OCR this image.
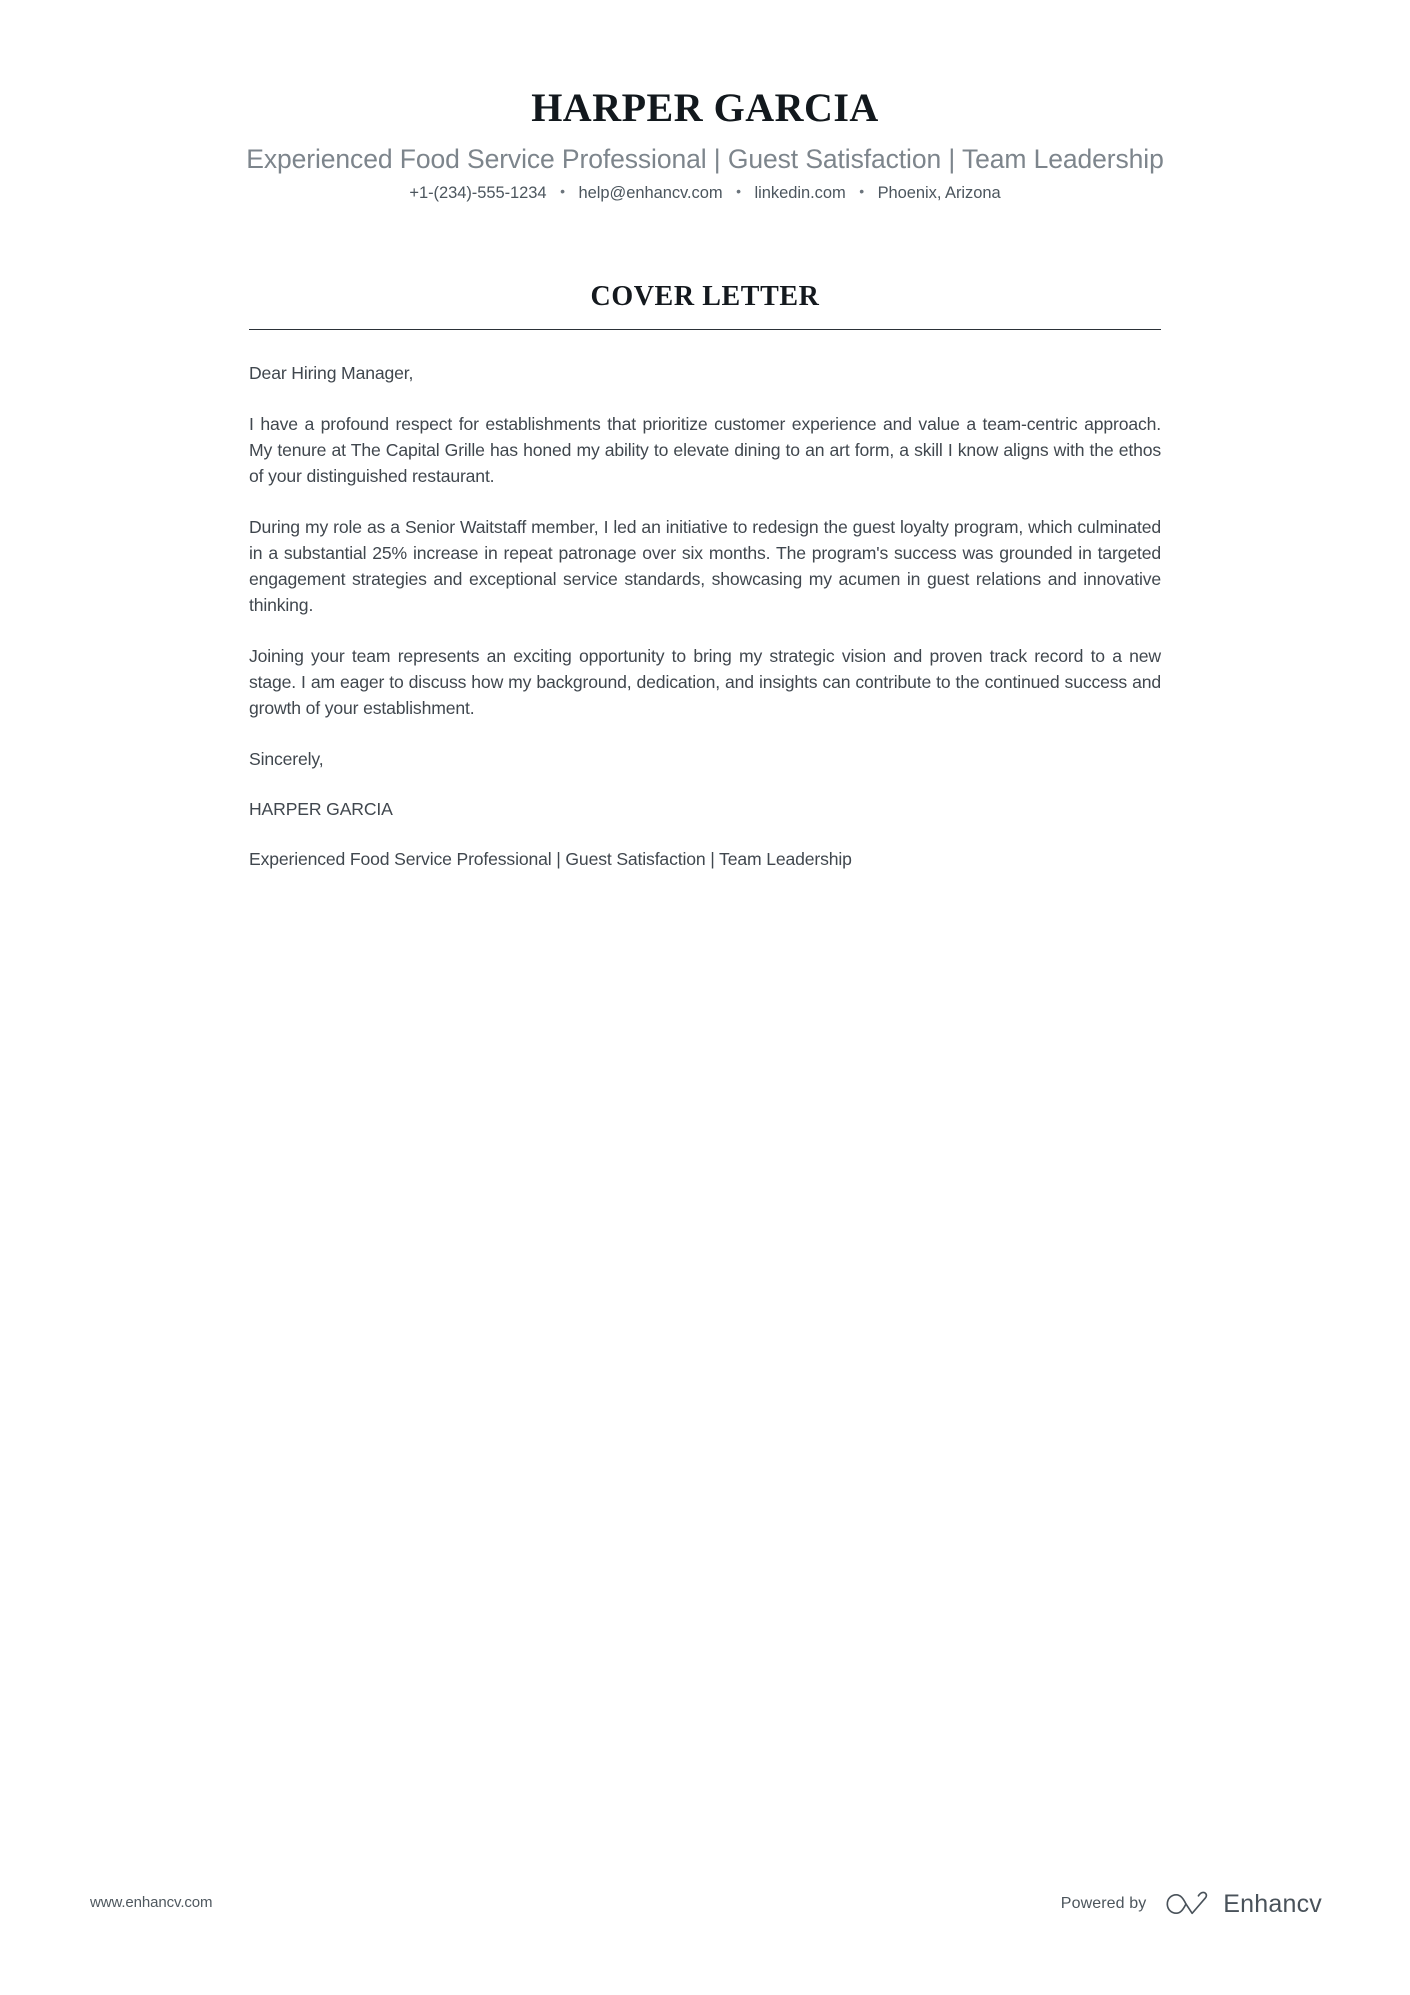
HARPER GARCIA
Experienced Food Service Professional | Guest Satisfaction | Team Leadership
+1-(234)-555-1234 • help@enhancv.com • linkedin.com • Phoenix, Arizona
COVER LETTER

Dear Hiring Manager,

I have a profound respect for establishments that prioritize customer experience and value a team-centric approach. My tenure at The Capital Grille has honed my ability to elevate dining to an art form, a skill I know aligns with the ethos of your distinguished restaurant.

During my role as a Senior Waitstaff member, I led an initiative to redesign the guest loyalty program, which culminated in a substantial 25% increase in repeat patronage over six months. The program's success was grounded in targeted engagement strategies and exceptional service standards, showcasing my acumen in guest relations and innovative thinking.

Joining your team represents an exciting opportunity to bring my strategic vision and proven track record to a new stage. I am eager to discuss how my background, dedication, and insights can contribute to the continued success and growth of your establishment.

Sincerely,

HARPER GARCIA

Experienced Food Service Professional | Guest Satisfaction | Team Leadership

www.enhancv.com	Powered by	Enhancv
